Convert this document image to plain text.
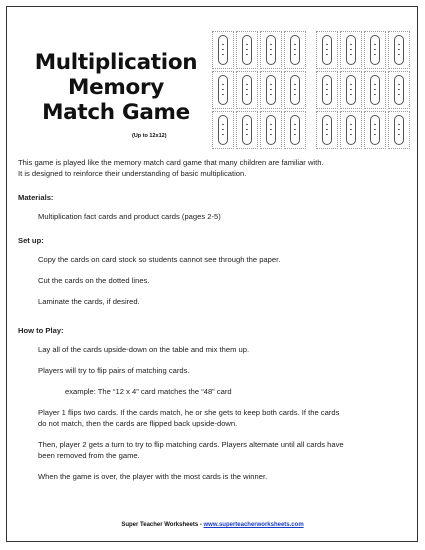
Multiplication
Memory
Match Game
(Up to 12x12)

This game is played like the memory match card game that many children are familiar with.

It is designed to reinforce their understanding of basic multiplication.

Materials:

Multiplication fact cards and product cards (pages 2-5)

Set up:

Copy the cards on card stock so students cannot see through the paper.

Cut the cards on the dotted lines.

Laminate the cards, if desired.

How to Play:

Lay all of the cards upside-down on the table and mix them up.

Players will try to flip pairs of matching cards.

example: The “12 x 4” card matches the “48” card

Player 1 flips two cards. If the cards match, he or she gets to keep both cards. If the cards

do not match, then the cards are flipped back upside-down.

Then, player 2 gets a turn to try to flip matching cards. Players alternate until all cards have

been removed from the game.

When the game is over, the player with the most cards is the winner.

Super Teacher Worksheets - www.superteacherworksheets.com
